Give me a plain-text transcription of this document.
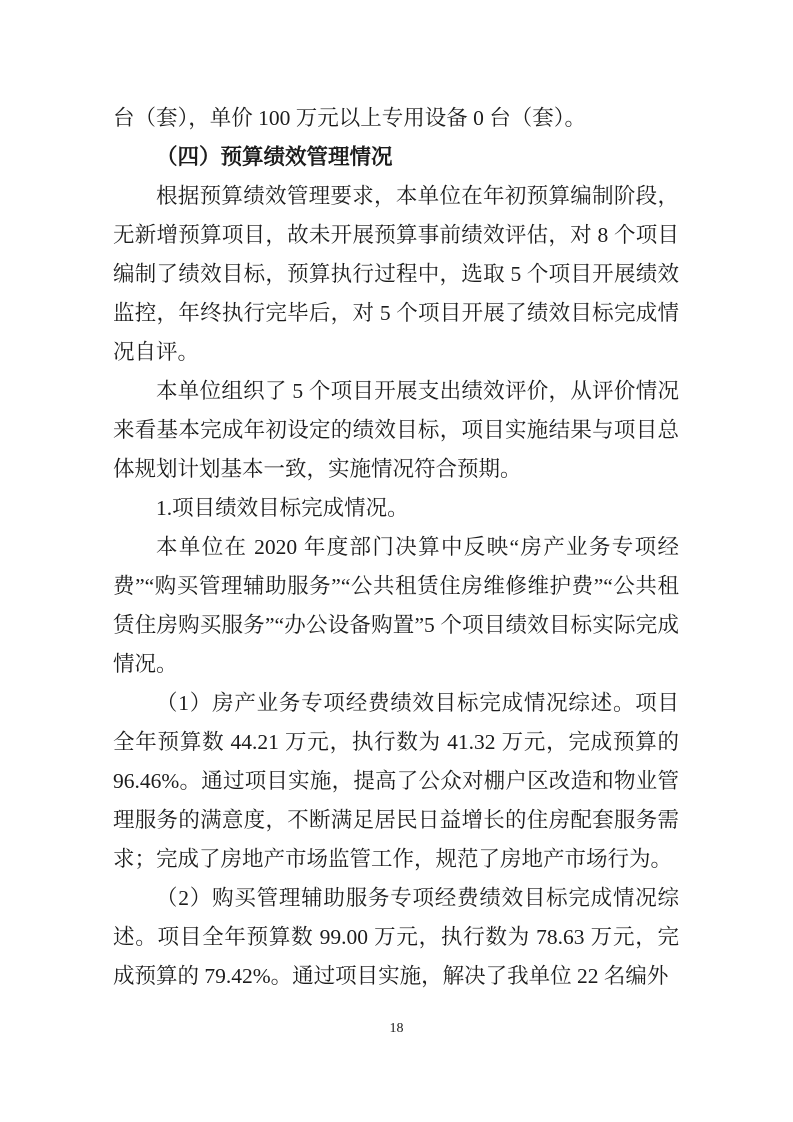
台（套），单价 100 万元以上专用设备 0 台（套）。

（四）预算绩效管理情况

根据预算绩效管理要求，本单位在年初预算编制阶段，无新增预算项目，故未开展预算事前绩效评估，对 8 个项目编制了绩效目标，预算执行过程中，选取 5 个项目开展绩效监控，年终执行完毕后，对 5 个项目开展了绩效目标完成情况自评。

本单位组织了 5 个项目开展支出绩效评价，从评价情况来看基本完成年初设定的绩效目标，项目实施结果与项目总体规划计划基本一致，实施情况符合预期。

1.项目绩效目标完成情况。

本单位在 2020 年度部门决算中反映“房产业务专项经费”“购买管理辅助服务”“公共租赁住房维修维护费”“公共租赁住房购买服务”“办公设备购置”5 个项目绩效目标实际完成情况。

（1）房产业务专项经费绩效目标完成情况综述。项目全年预算数 44.21 万元，执行数为 41.32 万元，完成预算的 96.46%。通过项目实施，提高了公众对棚户区改造和物业管理服务的满意度，不断满足居民日益增长的住房配套服务需求；完成了房地产市场监管工作，规范了房地产市场行为。

（2）购买管理辅助服务专项经费绩效目标完成情况综述。项目全年预算数 99.00 万元，执行数为 78.63 万元，完成预算的 79.42%。通过项目实施，解决了我单位 22 名编外

18
